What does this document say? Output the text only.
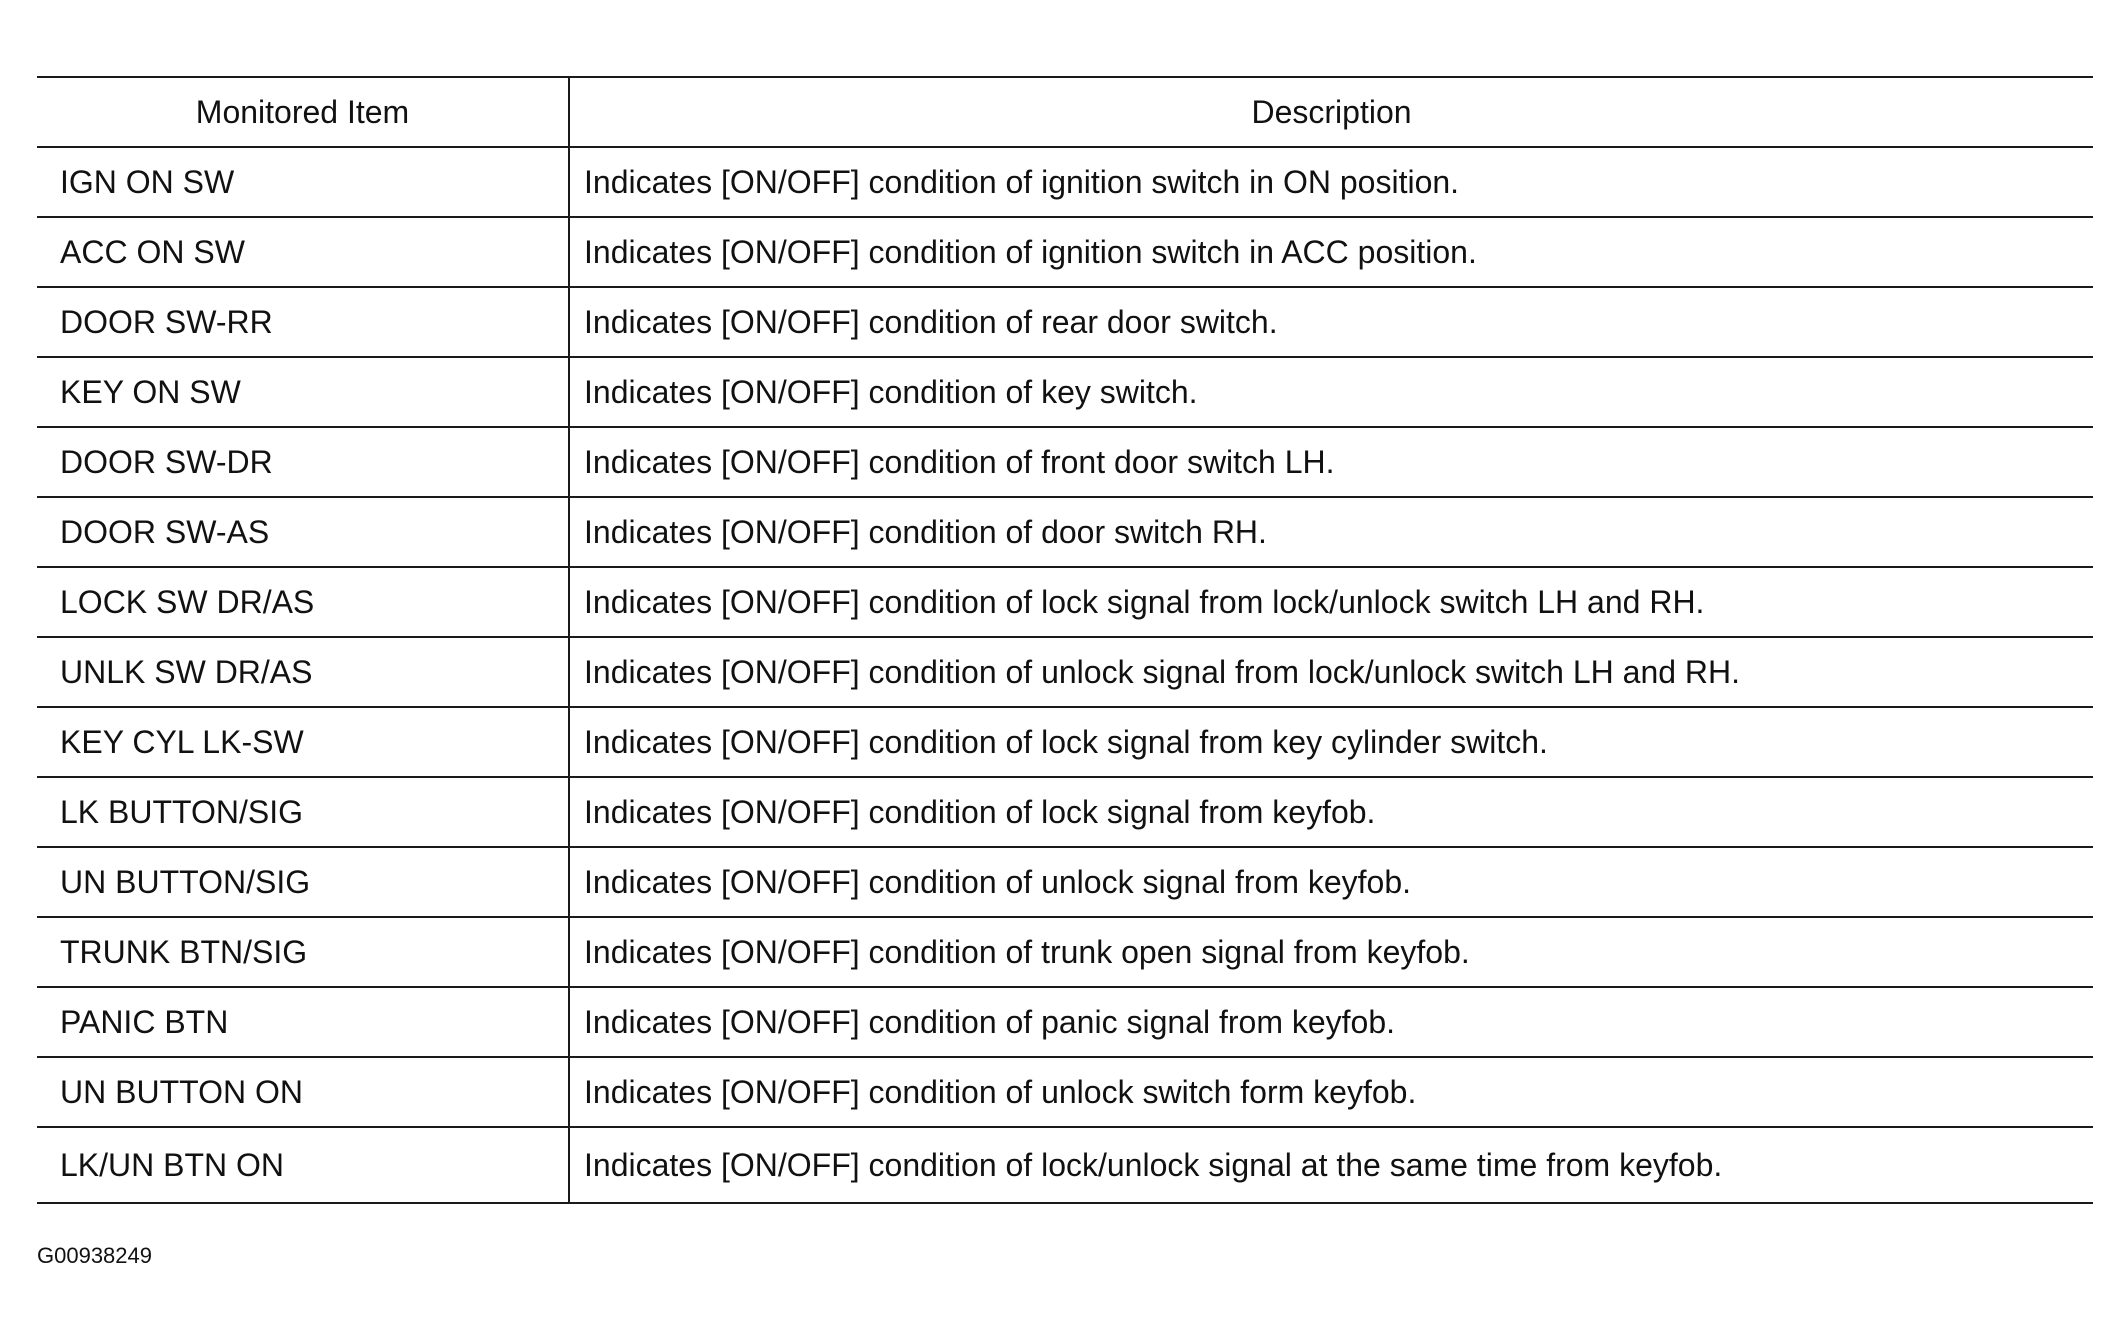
Monitored Item	Description
IGN ON SW	Indicates [ON/OFF] condition of ignition switch in ON position.
ACC ON SW	Indicates [ON/OFF] condition of ignition switch in ACC position.
DOOR SW-RR	Indicates [ON/OFF] condition of rear door switch.
KEY ON SW	Indicates [ON/OFF] condition of key switch.
DOOR SW-DR	Indicates [ON/OFF] condition of front door switch LH.
DOOR SW-AS	Indicates [ON/OFF] condition of door switch RH.
LOCK SW DR/AS	Indicates [ON/OFF] condition of lock signal from lock/unlock switch LH and RH.
UNLK SW DR/AS	Indicates [ON/OFF] condition of unlock signal from lock/unlock switch LH and RH.
KEY CYL LK-SW	Indicates [ON/OFF] condition of lock signal from key cylinder switch.
LK BUTTON/SIG	Indicates [ON/OFF] condition of lock signal from keyfob.
UN BUTTON/SIG	Indicates [ON/OFF] condition of unlock signal from keyfob.
TRUNK BTN/SIG	Indicates [ON/OFF] condition of trunk open signal from keyfob.
PANIC BTN	Indicates [ON/OFF] condition of panic signal from keyfob.
UN BUTTON ON	Indicates [ON/OFF] condition of unlock switch form keyfob.
LK/UN BTN ON	Indicates [ON/OFF] condition of lock/unlock signal at the same time from keyfob.
G00938249
